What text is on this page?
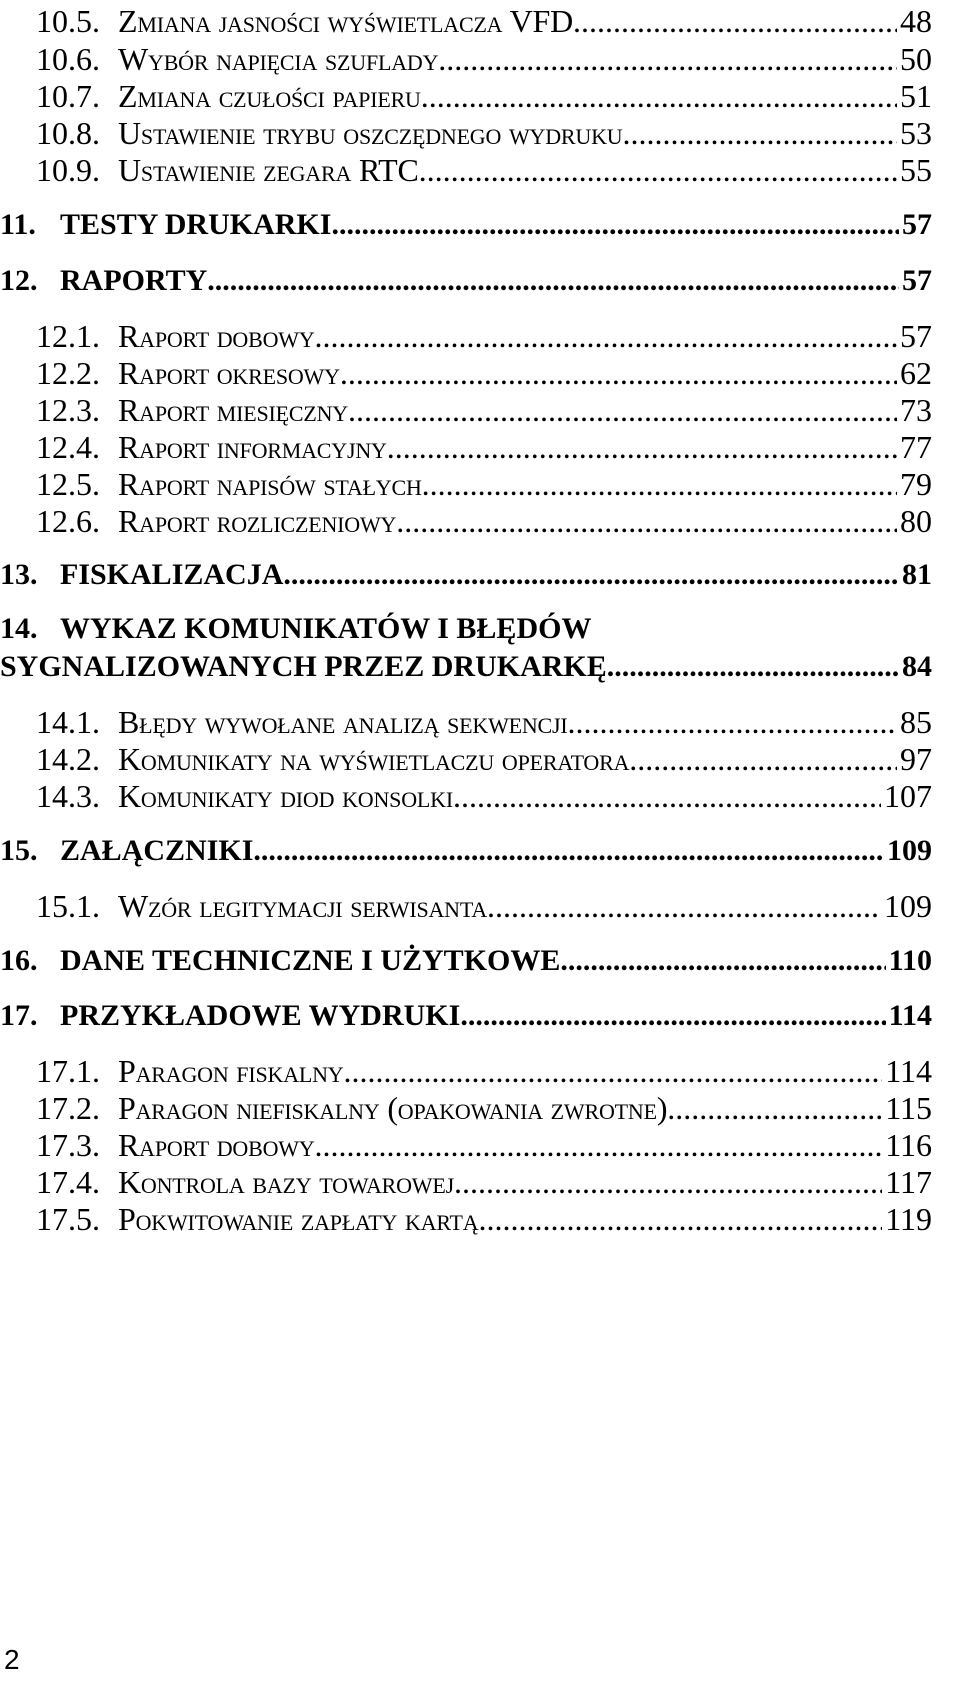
10.5. Zmiana jasności wyświetlacza VFD .....	48
10.6. Wybór napięcia szuflady .....	50
10.7. Zmiana czułości papieru .....	51
10.8. Ustawienie trybu oszczędnego wydruku .....	53
10.9. Ustawienie zegara RTC .....	55
11. TESTY DRUKARKI .....	57
12. RAPORTY .....	57
12.1. Raport dobowy .....	57
12.2. Raport okresowy .....	62
12.3. Raport miesięczny .....	73
12.4. Raport informacyjny .....	77
12.5. Raport napisów stałych .....	79
12.6. Raport rozliczeniowy .....	80
13. FISKALIZACJA .....	81
14. WYKAZ KOMUNIKATÓW I BŁĘDÓW
SYGNALIZOWANYCH PRZEZ DRUKARKĘ .....	84
14.1. Błędy wywołane analizą sekwencji .....	85
14.2. Komunikaty na wyświetlaczu operatora .....	97
14.3. Komunikaty diod konsolki .....	107
15. ZAŁĄCZNIKI .....	109
15.1. Wzór legitymacji serwisanta .....	109
16. DANE TECHNICZNE I UŻYTKOWE .....	110
17. PRZYKŁADOWE WYDRUKI .....	114
17.1. Paragon fiskalny .....	114
17.2. Paragon niefiskalny (opakowania zwrotne) .....	115
17.3. Raport dobowy .....	116
17.4. Kontrola bazy towarowej .....	117
17.5. Pokwitowanie zapłaty kartą .....	119
2
